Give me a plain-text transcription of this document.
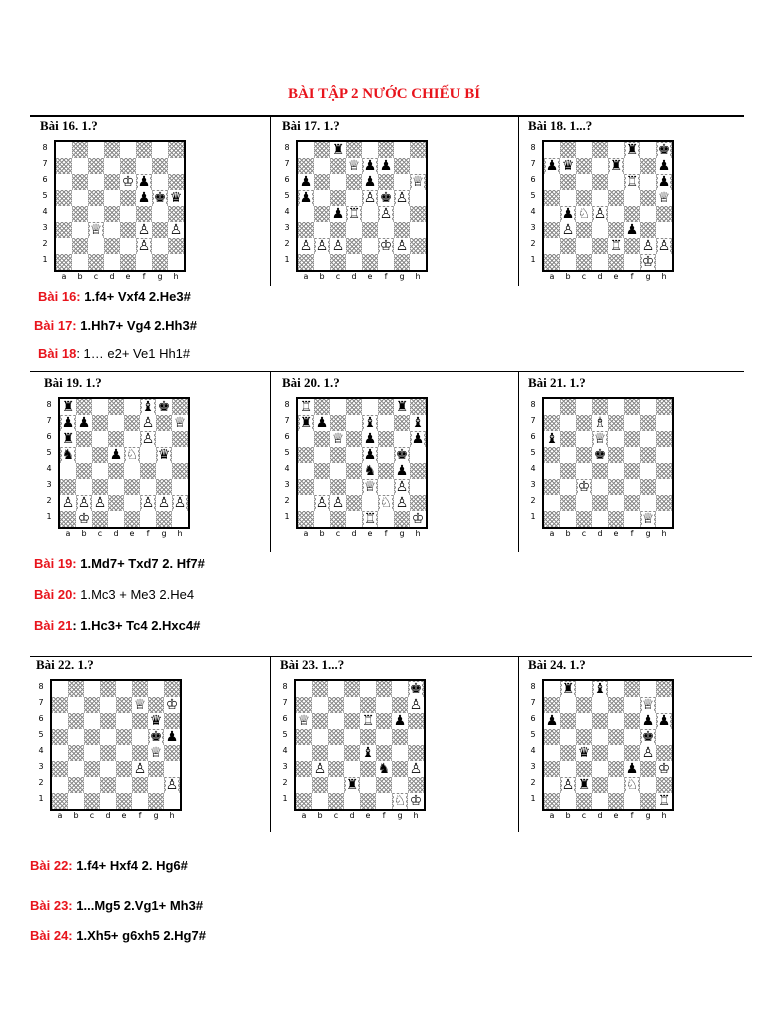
BÀI TẬP 2 NƯỚC CHIẾU BÍ
Bài 16. 1.?
8
7
6
5
4
3
2
1
♔ ♟
♟ ♚ ♛
♕	♙ ♙
♙
a	b	c	d	e	f	g	h
Bài 17. 1.?
8
7
6
5
4
3
2
1
♜
♕ ♟ ♟
♟	♟	♕
♟	♙ ♚ ♙
♟ ♖ ♙
♙ ♙ ♙	♔ ♙
a	b	c	d	e	f	g	h
Bài 18. 1...?
8
7
6
5
4
3
2
1
♜ ♚
♟ ♛	♜	♟
♖ ♟
♕
♟ ♘ ♙
♙	♟
♖ ♙ ♙
♔
a	b	c	d	e	f	g	h
Bài 19. 1.?
8
7
6
5
4
3
2
1
♜	♝ ♚
♟ ♟	♙ ♕
♜	♙
♞	♟ ♘ ♛
♙ ♙ ♙	♙ ♙ ♙
♔
a	b	c	d	e	f	g	h
Bài 20. 1.?
8
7
6
5
4
3
2
1
♖	♜
♜ ♟	♝	♝
♕ ♟	♟
♟ ♚
♞ ♟
♕ ♙
♙ ♙	♘ ♙
♖	♔
a	b	c	d	e	f	g	h
Bài 21. 1.?
8
7
6
5
4
3
2
1
♗
♝	♕
♚
♔
♕
a	b	c	d	e	f	g	h
Bài 22. 1.?
8
7
6
5
4
3
2
1
♕ ♔
♛
♚ ♟
♕
♙
♙
a	b	c	d	e	f	g	h
Bài 23. 1...?
8
7
6
5
4
3
2
1
♚
♙
♕	♖ ♟
♝
♙	♞ ♙
♜
♘ ♔
a	b	c	d	e	f	g	h
Bài 24. 1.?
8
7
6
5
4
3
2
1
♜ ♝
♕
♟	♟ ♟
♚
♛	♙
♟ ♔
♙ ♜	♘
♖
a	b	c	d	e	f	g	h
Bài 16: 1.f4+ Vxf4 2.He3#
Bài 17: 1.Hh7+ Vg4 2.Hh3#
Bài 18: 1… e2+ Ve1 Hh1#
Bài 19: 1.Md7+ Txd7 2. Hf7#
Bài 20: 1.Mc3 + Me3 2.He4
Bài 21: 1.Hc3+ Tc4 2.Hxc4#
Bài 22: 1.f4+ Hxf4 2. Hg6#
Bài 23: 1...Mg5 2.Vg1+ Mh3#
Bài 24: 1.Xh5+ g6xh5 2.Hg7#
